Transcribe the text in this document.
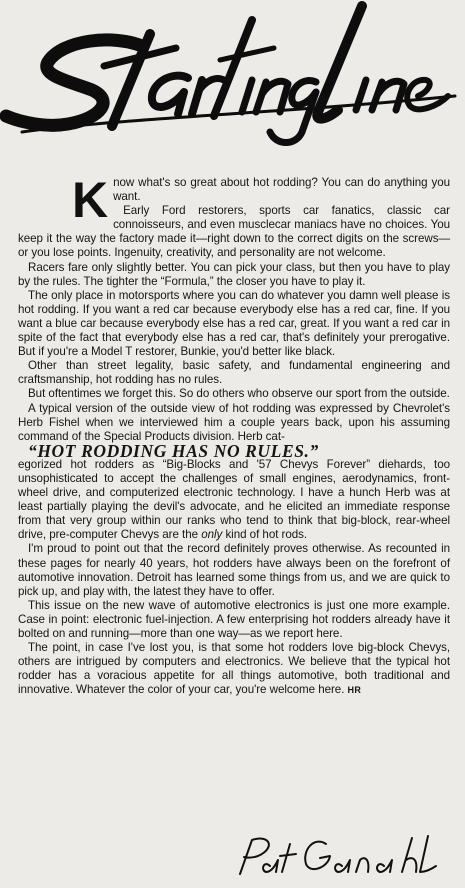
Starting Line
K now what's so great about hot rodding? You can do anything you want.

Early Ford restorers, sports car fanatics, classic car connoisseurs, and even musclecar maniacs have no choices. You keep it the way the factory made it—right down to the correct digits on the screws—or you lose points. Ingenuity, creativity, and personality are not welcome.

Racers fare only slightly better. You can pick your class, but then you have to play by the rules. The tighter the “Formula,” the closer you have to play it.

The only place in motorsports where you can do whatever you damn well please is hot rodding. If you want a red car because everybody else has a red car, fine. If you want a blue car because everybody else has a red car, great. If you want a red car in spite of the fact that everybody else has a red car, that's definitely your prerogative. But if you're a Model T restorer, Bunkie, you'd better like black.

Other than street legality, basic safety, and fundamental engineering and craftsmanship, hot rodding has no rules.

But oftentimes we forget this. So do others who observe our sport from the outside.

A typical version of the outside view of hot rodding was expressed by Chevrolet's Herb Fishel when we interviewed him a couple years back, upon his assuming command of the Special Products division. Herb cat-

“HOT RODDING HAS NO RULES.”

egorized hot rodders as “Big-Blocks and '57 Chevys Forever” diehards, too unsophisticated to accept the challenges of small engines, aerodynamics, front-wheel drive, and computerized electronic technology. I have a hunch Herb was at least partially playing the devil's advocate, and he elicited an immediate response from that very group within our ranks who tend to think that big-block, rear-wheel drive, pre-computer Chevys are the only kind of hot rods.

I'm proud to point out that the record definitely proves otherwise. As recounted in these pages for nearly 40 years, hot rodders have always been on the forefront of automotive innovation. Detroit has learned some things from us, and we are quick to pick up, and play with, the latest they have to offer.

This issue on the new wave of automotive electronics is just one more example. Case in point: electronic fuel-injection. A few enterprising hot rodders already have it bolted on and running—more than one way—as we report here.

The point, in case I've lost you, is that some hot rodders love big-block Chevys, others are intrigued by computers and electronics. We believe that the typical hot rodder has a voracious appetite for all things automotive, both traditional and innovative. Whatever the color of your car, you're welcome here. HR

Pat Ganahl
